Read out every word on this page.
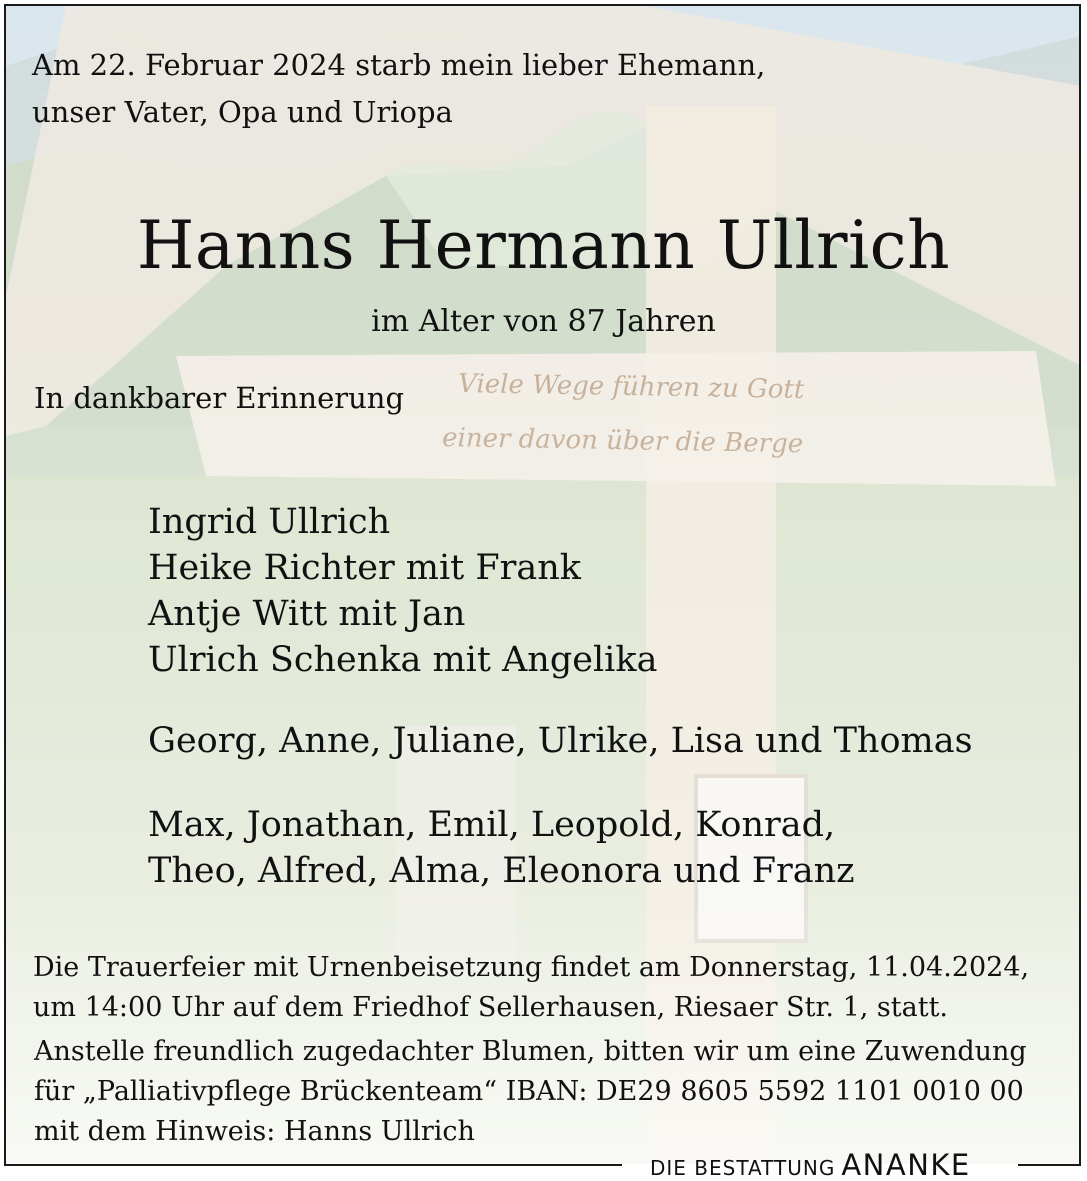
Am 22. Februar 2024 starb mein lieber Ehemann,
unser Vater, Opa und Uriopa
Hanns Hermann Ullrich
im Alter von 87 Jahren
In dankbarer Erinnerung
Ingrid Ullrich
Heike Richter mit Frank
Antje Witt mit Jan
Ulrich Schenka mit Angelika
Georg, Anne, Juliane, Ulrike, Lisa und Thomas
Max, Jonathan, Emil, Leopold, Konrad,
Theo, Alfred, Alma, Eleonora und Franz
Die Trauerfeier mit Urnenbeisetzung findet am Donnerstag, 11.04.2024,
um 14:00 Uhr auf dem Friedhof Sellerhausen, Riesaer Str. 1, statt.
Anstelle freundlich zugedachter Blumen, bitten wir um eine Zuwendung
für „Palliativpflege Brückenteam“ IBAN: DE29 8605 5592 1101 0010 00
mit dem Hinweis: Hanns Ullrich
DIE BESTATTUNG ANANKE
